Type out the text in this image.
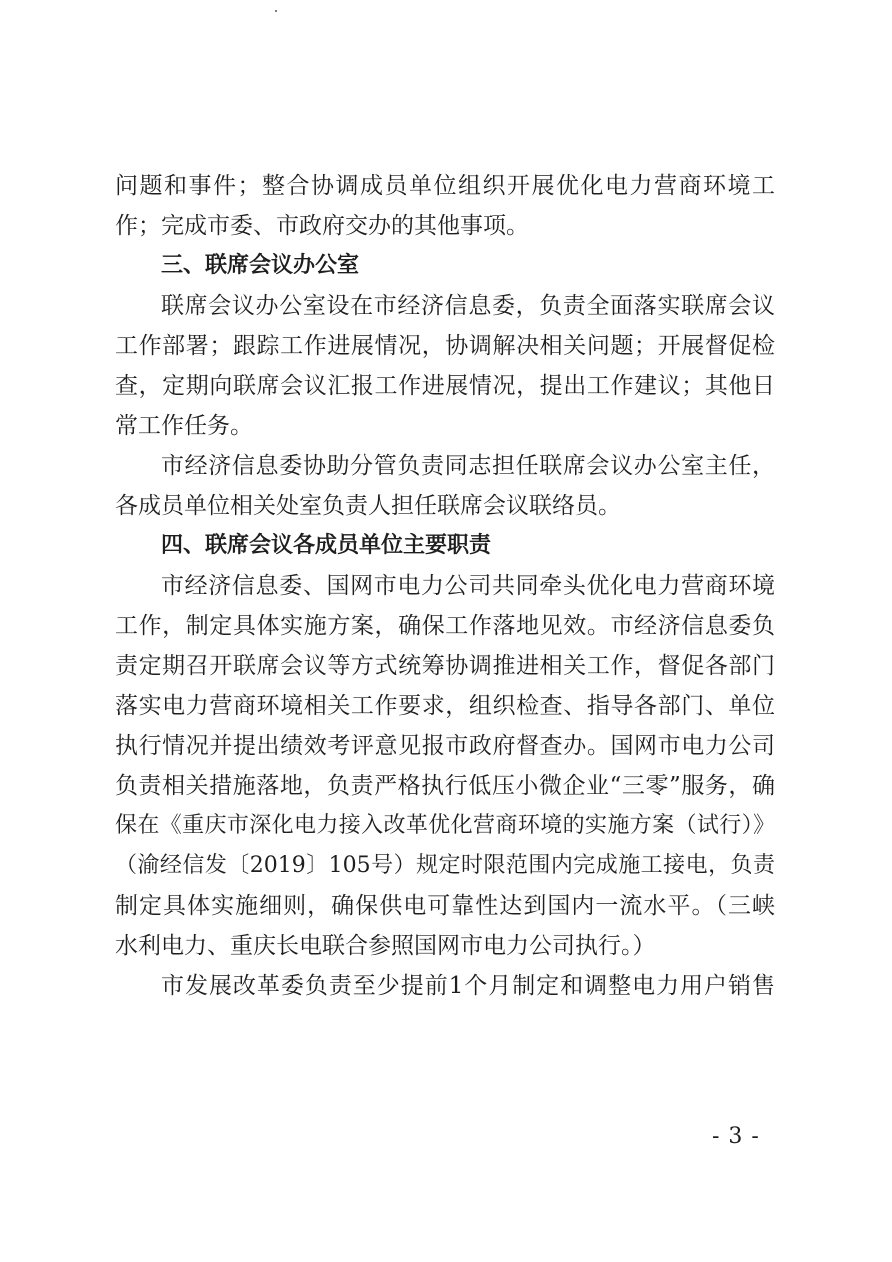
问题和事件；整合协调成员单位组织开展优化电力营商环境工
作；完成市委、市政府交办的其他事项。
三、联席会议办公室
联席会议办公室设在市经济信息委，负责全面落实联席会议
工作部署；跟踪工作进展情况，协调解决相关问题；开展督促检
查，定期向联席会议汇报工作进展情况，提出工作建议；其他日
常工作任务。
市经济信息委协助分管负责同志担任联席会议办公室主任，
各成员单位相关处室负责人担任联席会议联络员。
四、联席会议各成员单位主要职责
市经济信息委、国网市电力公司共同牵头优化电力营商环境
工作，制定具体实施方案，确保工作落地见效。市经济信息委负
责定期召开联席会议等方式统筹协调推进相关工作，督促各部门
落实电力营商环境相关工作要求，组织检查、指导各部门、单位
执行情况并提出绩效考评意见报市政府督查办。国网市电力公司
负责相关措施落地，负责严格执行低压小微企业“三零”服务，确
保在《重庆市深化电力接入改革优化营商环境的实施方案（试行）》
（渝经信发〔2019〕105号）规定时限范围内完成施工接电，负责
制定具体实施细则，确保供电可靠性达到国内一流水平。（三峡
水利电力、重庆长电联合参照国网市电力公司执行。）
市发展改革委负责至少提前1个月制定和调整电力用户销售
- 3 -
